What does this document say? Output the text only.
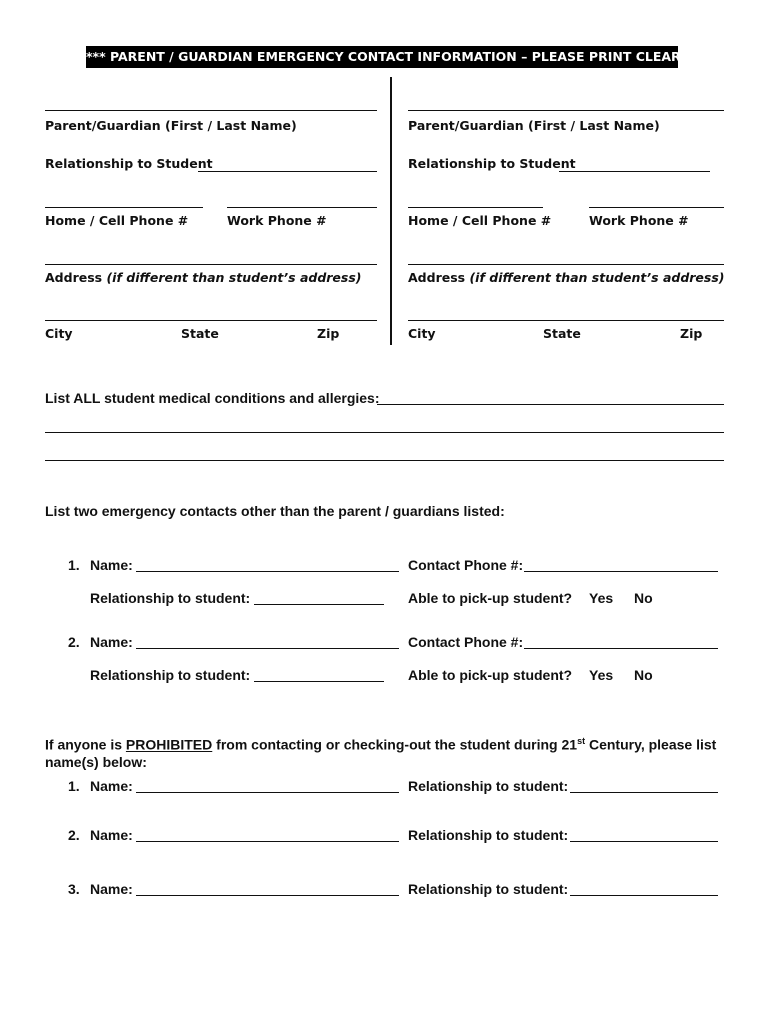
*** PARENT / GUARDIAN EMERGENCY CONTACT INFORMATION – PLEASE PRINT CLEARLY ***
Parent/Guardian (First / Last Name)
Relationship to Student
Home / Cell Phone #	Work Phone #
Address (if different than student’s address)
City	State	Zip
Parent/Guardian (First / Last Name)
Relationship to Student
Home / Cell Phone #	Work Phone #
Address (if different than student’s address)
City	State	Zip
List ALL student medical conditions and allergies:
List two emergency contacts other than the parent / guardians listed:
1. Name:	Contact Phone #:
Relationship to student:	Able to pick-up student? Yes No
2. Name:	Contact Phone #:
Relationship to student:	Able to pick-up student? Yes No
If anyone is PROHIBITED from contacting or checking-out the student during 21st Century, please list
name(s) below:
1. Name:	Relationship to student:
2. Name:	Relationship to student:
3. Name:	Relationship to student:
